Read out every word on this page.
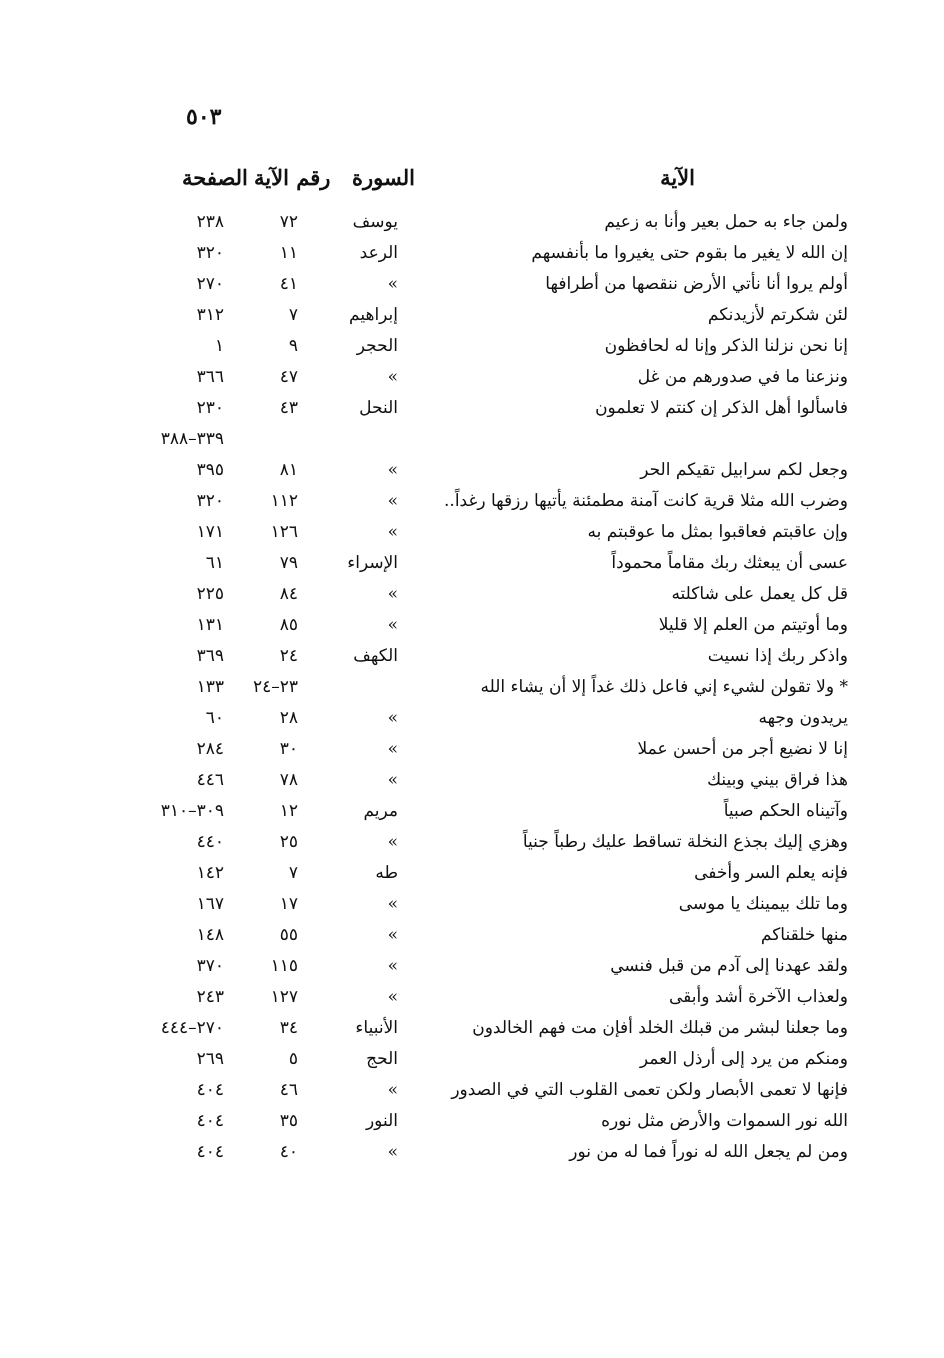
٥٠٣
الآية
السورة
رقم الآية
الصفحة
ولمن جاء به حمل بعير وأنا به زعيم
يوسف
٧٢
٢٣٨
إن الله لا يغير ما بقوم حتى يغيروا ما بأنفسهم
الرعد
١١
٣٢٠
أولم يروا أنا نأتي الأرض ننقصها من أطرافها
»
٤١
٢٧٠
لئن شكرتم لأزيدنكم
إبراهيم
٧
٣١٢
إنا نحن نزلنا الذكر وإنا له لحافظون
الحجر
٩
١
ونزعنا ما في صدورهم من غل
»
٤٧
٣٦٦
فاسألوا أهل الذكر إن كنتم لا تعلمون
النحل
٤٣
٢٣٠
٣٣٩–٣٨٨
وجعل لكم سرابيل تقيكم الحر
»
٨١
٣٩٥
وضرب الله مثلا قرية كانت آمنة مطمئنة يأتيها رزقها رغداً..
»
١١٢
٣٢٠
وإن عاقبتم فعاقبوا بمثل ما عوقبتم به
»
١٢٦
١٧١
عسى أن يبعثك ربك مقاماً محموداً
الإسراء
٧٩
٦١
قل كل يعمل على شاكلته
»
٨٤
٢٢٥
وما أوتيتم من العلم إلا قليلا
»
٨٥
١٣١
واذكر ربك إذا نسيت
الكهف
٢٤
٣٦٩
* ولا تقولن لشيء إني فاعل ذلك غداً إلا أن يشاء الله
٢٣–٢٤
١٣٣
يريدون وجهه
»
٢٨
٦٠
إنا لا نضيع أجر من أحسن عملا
»
٣٠
٢٨٤
هذا فراق بيني وبينك
»
٧٨
٤٤٦
وآتيناه الحكم صبياً
مريم
١٢
٣٠٩–٣١٠
وهزي إليك بجذع النخلة تساقط عليك رطباً جنياً
»
٢٥
٤٤٠
فإنه يعلم السر وأخفى
طه
٧
١٤٢
وما تلك بيمينك يا موسى
»
١٧
١٦٧
منها خلقناكم
»
٥٥
١٤٨
ولقد عهدنا إلى آدم من قبل فنسي
»
١١٥
٣٧٠
ولعذاب الآخرة أشد وأبقى
»
١٢٧
٢٤٣
وما جعلنا لبشر من قبلك الخلد أفإن مت فهم الخالدون
الأنبياء
٣٤
٢٧٠–٤٤٤
ومنكم من يرد إلى أرذل العمر
الحج
٥
٢٦٩
فإنها لا تعمى الأبصار ولكن تعمى القلوب التي في الصدور
»
٤٦
٤٠٤
الله نور السموات والأرض مثل نوره
النور
٣٥
٤٠٤
ومن لم يجعل الله له نوراً فما له من نور
»
٤٠
٤٠٤
